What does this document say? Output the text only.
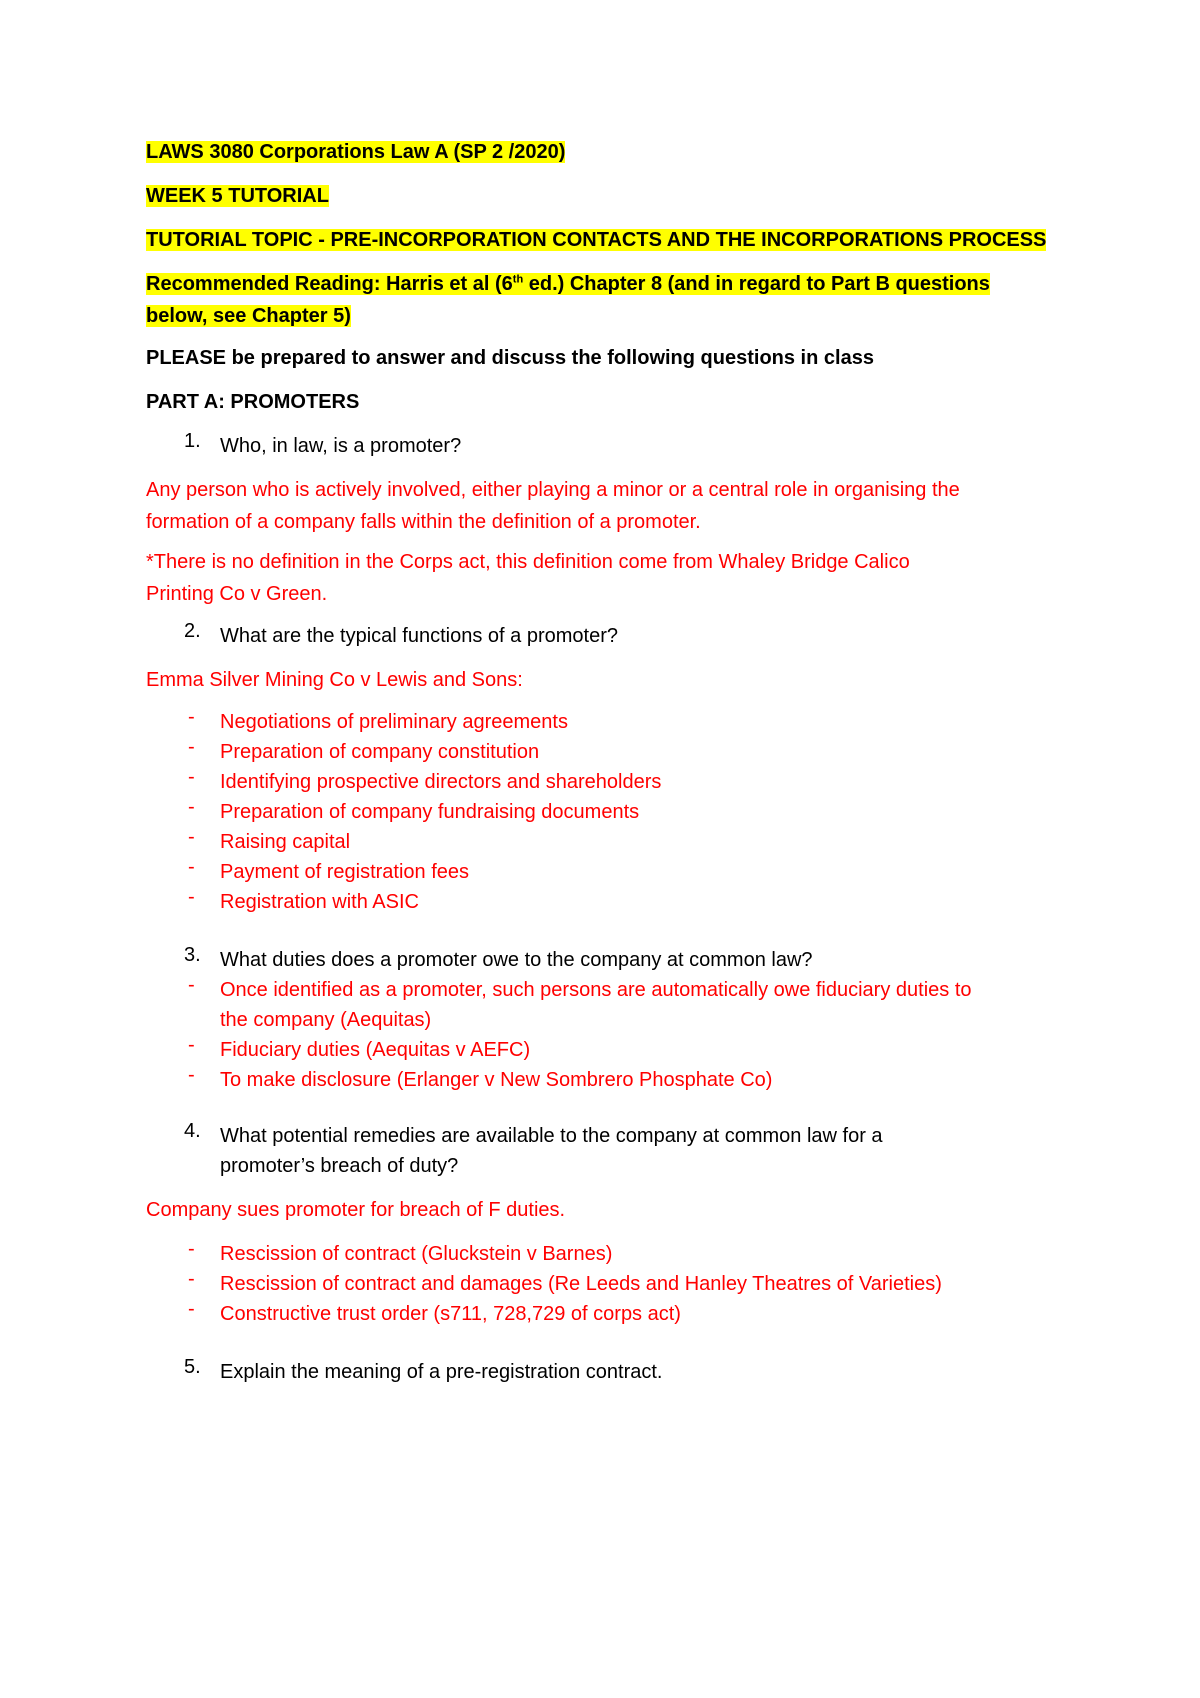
LAWS 3080 Corporations Law A (SP 2 /2020)
WEEK 5 TUTORIAL
TUTORIAL TOPIC - PRE-INCORPORATION CONTACTS AND THE INCORPORATIONS PROCESS
Recommended Reading: Harris et al (6th ed.) Chapter 8 (and in regard to Part B questions
below, see Chapter 5)
PLEASE be prepared to answer and discuss the following questions in class
PART A: PROMOTERS
1. Who, in law, is a promoter?
Any person who is actively involved, either playing a minor or a central role in organising the
formation of a company falls within the definition of a promoter.
*There is no definition in the Corps act, this definition come from Whaley Bridge Calico
Printing Co v Green.
2. What are the typical functions of a promoter?
Emma Silver Mining Co v Lewis and Sons:
- Negotiations of preliminary agreements
- Preparation of company constitution
- Identifying prospective directors and shareholders
- Preparation of company fundraising documents
- Raising capital
- Payment of registration fees
- Registration with ASIC
3. What duties does a promoter owe to the company at common law?
- Once identified as a promoter, such persons are automatically owe fiduciary duties to
the company (Aequitas)
- Fiduciary duties (Aequitas v AEFC)
- To make disclosure (Erlanger v New Sombrero Phosphate Co)
4. What potential remedies are available to the company at common law for a
promoter’s breach of duty?
Company sues promoter for breach of F duties.
- Rescission of contract (Gluckstein v Barnes)
- Rescission of contract and damages (Re Leeds and Hanley Theatres of Varieties)
- Constructive trust order (s711, 728,729 of corps act)
5. Explain the meaning of a pre-registration contract.
